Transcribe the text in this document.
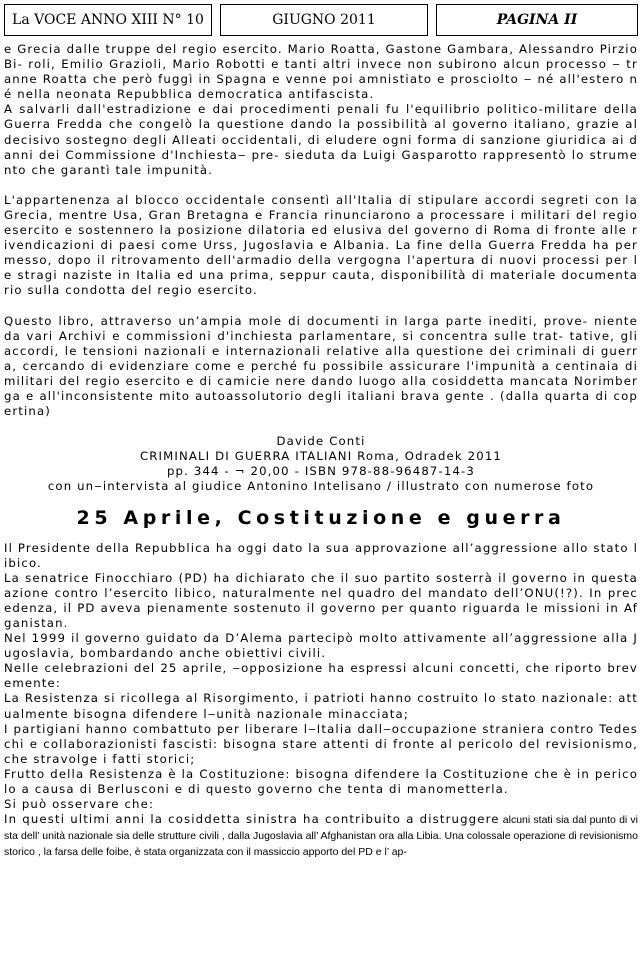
La VOCE ANNO XIII N° 10	GIUGNO 2011	PAGINA II

e Grecia dalle truppe del regio esercito. Mario Roatta, Gastone Gambara, Alessandro Pirzio Bi- roli, Emilio Grazioli, Mario Robotti e tanti altri invece non subirono alcun processo ‒ tranne Roatta che però fuggì in Spagna e venne poi amnistiato e prosciolto ‒ né all'estero né nella neonata Repubblica democratica antifascista.

A salvarli dall'estradizione e dai procedimenti penali fu l'equilibrio politico-militare della Guerra Fredda che congelò la questione dando la possibilità al governo italiano, grazie al decisivo sostegno degli Alleati occidentali, di eludere ogni forma di sanzione giuridica ai danni dei Commissione d'Inchiesta‒ pre- sieduta da Luigi Gasparotto rappresentò lo strumento che garantì tale impunità.

L'appartenenza al blocco occidentale consentì all'Italia di stipulare accordi segreti con la Grecia, mentre Usa, Gran Bretagna e Francia rinunciarono a processare i militari del regio esercito e sostennero la posizione dilatoria ed elusiva del governo di Roma di fronte alle rivendicazioni di paesi come Urss, Jugoslavia e Albania. La fine della Guerra Fredda ha permesso, dopo il ritrovamento dell'armadio della vergogna l'apertura di nuovi processi per le stragi naziste in Italia ed una prima, seppur cauta, disponibilità di materiale documentario sulla condotta del regio esercito.

Questo libro, attraverso un’ampia mole di documenti in larga parte inediti, prove- niente da vari Archivi e commissioni d'inchiesta parlamentare, si concentra sulle trat- tative, gli accordi, le tensioni nazionali e internazionali relative alla questione dei criminali di guerra, cercando di evidenziare come e perché fu possibile assicurare l'impunità a centinaia di militari del regio esercito e di camicie nere dando luogo alla cosiddetta mancata Norimberga e all'inconsistente mito autoassolutorio degli italiani brava gente . (dalla quarta di copertina)

Davide Conti

CRIMINALI DI GUERRA ITALIANI Roma, Odradek 2011

pp. 344 - ¬ 20,00 - ISBN 978-88-96487-14-3

con un‒intervista al giudice Antonino Intelisano / illustrato con numerose foto

25 Aprile, Costituzione e guerra

Il Presidente della Repubblica ha oggi dato la sua approvazione all’aggressione allo stato libico.

La senatrice Finocchiaro (PD) ha dichiarato che il suo partito sosterrà il governo in questa azione contro l’esercito libico, naturalmente nel quadro del mandato dell’ONU(!?). In precedenza, il PD aveva pienamente sostenuto il governo per quanto riguarda le missioni in Afganistan.

Nel 1999 il governo guidato da D’Alema partecipò molto attivamente all’aggressione alla Jugoslavia, bombardando anche obiettivi civili.

Nelle celebrazioni del 25 aprile, ‒opposizione ha espressi alcuni concetti, che riporto brevemente:

La Resistenza si ricollega al Risorgimento, i patrioti hanno costruito lo stato nazionale: attualmente bisogna difendere l‒unità nazionale minacciata;

I partigiani hanno combattuto per liberare l‒Italia dall‒occupazione straniera contro Tedeschi e collaborazionisti fascisti: bisogna stare attenti di fronte al pericolo del revisionismo, che stravolge i fatti storici;

Frutto della Resistenza è la Costituzione: bisogna difendere la Costituzione che è in pericolo a causa di Berlusconi e di questo governo che tenta di manometterla.

Si può osservare che:

In questi ultimi anni la cosiddetta sinistra ha contribuito a distruggere alcuni stati sia dal punto di vista dell’ unità nazionale sia delle strutture civili , dalla Jugoslavia all’ Afghanistan ora alla Libia. Una colossale operazione di revisionismo storico , la farsa delle foibe, è stata organizzata con il massiccio apporto del PD e l’ ap-
